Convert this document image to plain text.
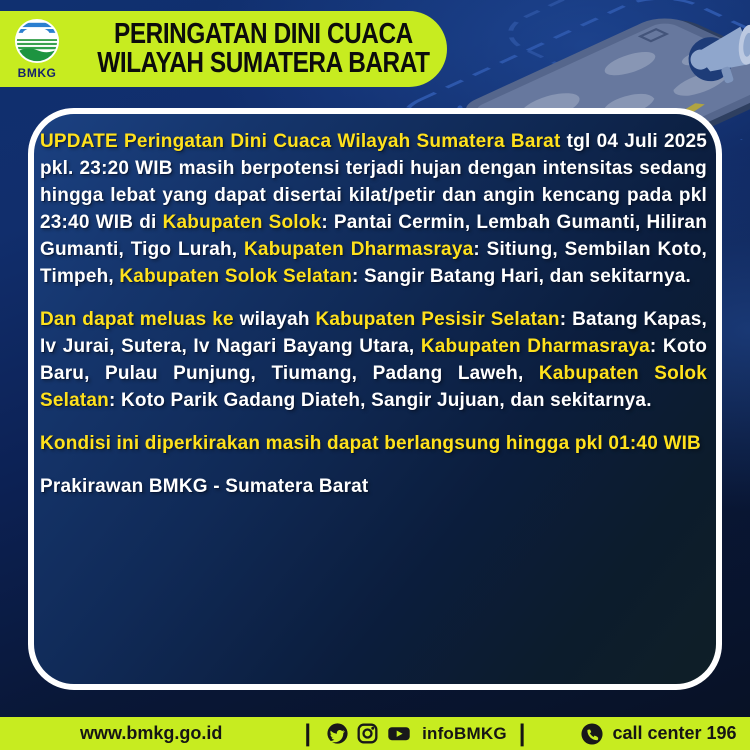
BMKG
PERINGATAN DINI CUACA
WILAYAH SUMATERA BARAT
UPDATE Peringatan Dini Cuaca Wilayah Sumatera Barat tgl 04 Juli 2025 pkl. 23:20 WIB masih berpotensi terjadi hujan dengan intensitas sedang hingga lebat yang dapat disertai kilat/petir dan angin kencang pada pkl 23:40 WIB di Kabupaten Solok: Pantai Cermin, Lembah Gumanti, Hiliran Gumanti, Tigo Lurah, Kabupaten Dharmasraya: Sitiung, Sembilan Koto, Timpeh, Kabupaten Solok Selatan: Sangir Batang Hari, dan sekitarnya.
Dan dapat meluas ke wilayah Kabupaten Pesisir Selatan: Batang Kapas, Iv Jurai, Sutera, Iv Nagari Bayang Utara, Kabupaten Dharmasraya: Koto Baru, Pulau Punjung, Tiumang, Padang Laweh, Kabupaten Solok Selatan: Koto Parik Gadang Diateh, Sangir Jujuan, dan sekitarnya.
Kondisi ini diperkirakan masih dapat berlangsung hingga pkl 01:40 WIB
Prakirawan BMKG - Sumatera Barat
www.bmkg.go.id	|	infoBMKG |	call center 196
